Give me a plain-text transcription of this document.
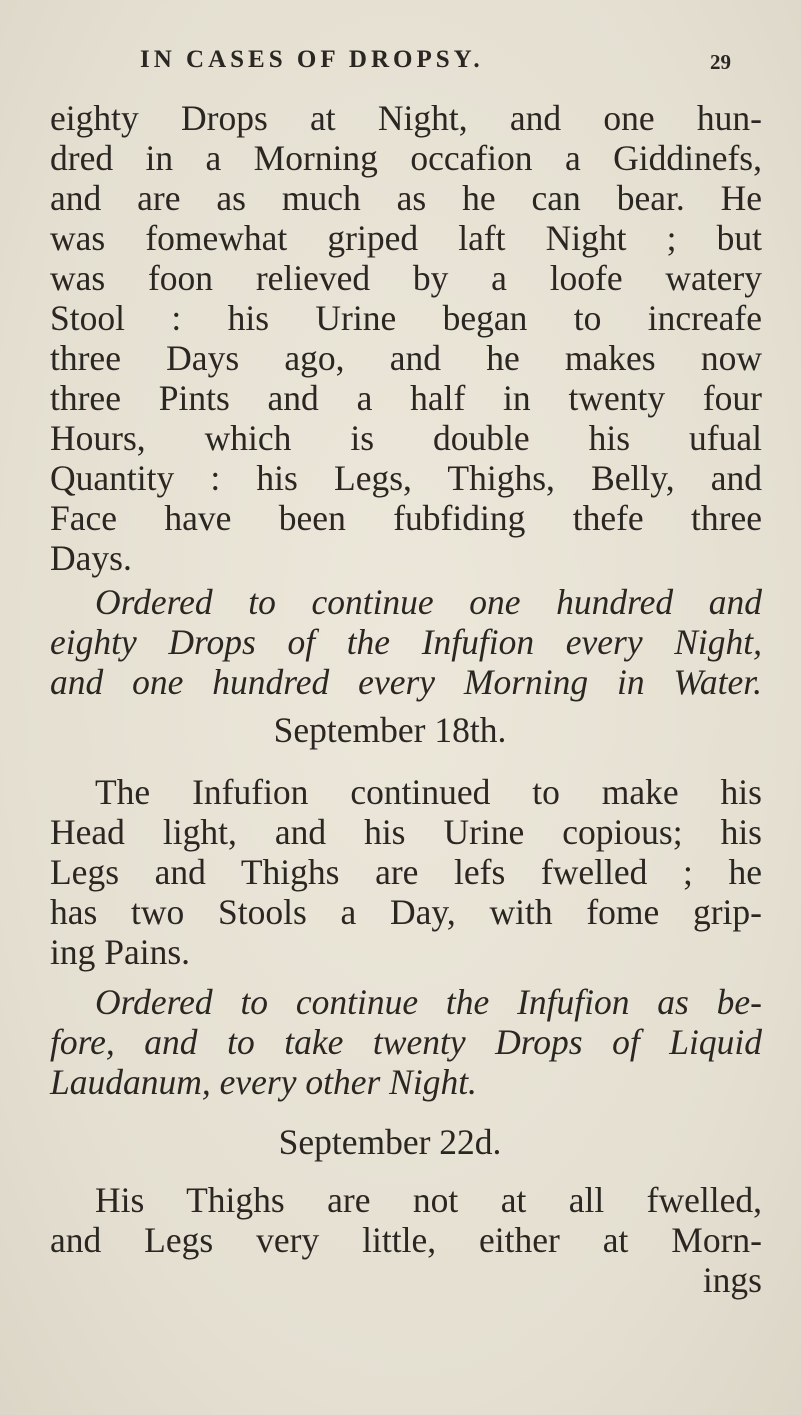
IN CASES OF DROPSY.	29
eighty Drops at Night, and one hun-
dred in a Morning occafion a Giddinefs,
and are as much as he can bear. He
was fomewhat griped laft Night ; but
was foon relieved by a loofe watery
Stool : his Urine began to increafe
three Days ago, and he makes now
three Pints and a half in twenty four
Hours, which is double his ufual
Quantity : his Legs, Thighs, Belly, and
Face have been fubfiding thefe three
Days.
Ordered to continue one hundred and
eighty Drops of the Infufion every Night,
and one hundred every Morning in Water.
September 18th.
The Infufion continued to make his
Head light, and his Urine copious; his
Legs and Thighs are lefs fwelled ; he
has two Stools a Day, with fome grip-
ing Pains.
Ordered to continue the Infufion as be-
fore, and to take twenty Drops of Liquid
Laudanum, every other Night.
September 22d.
His Thighs are not at all fwelled,
and Legs very little, either at Morn-
ings
